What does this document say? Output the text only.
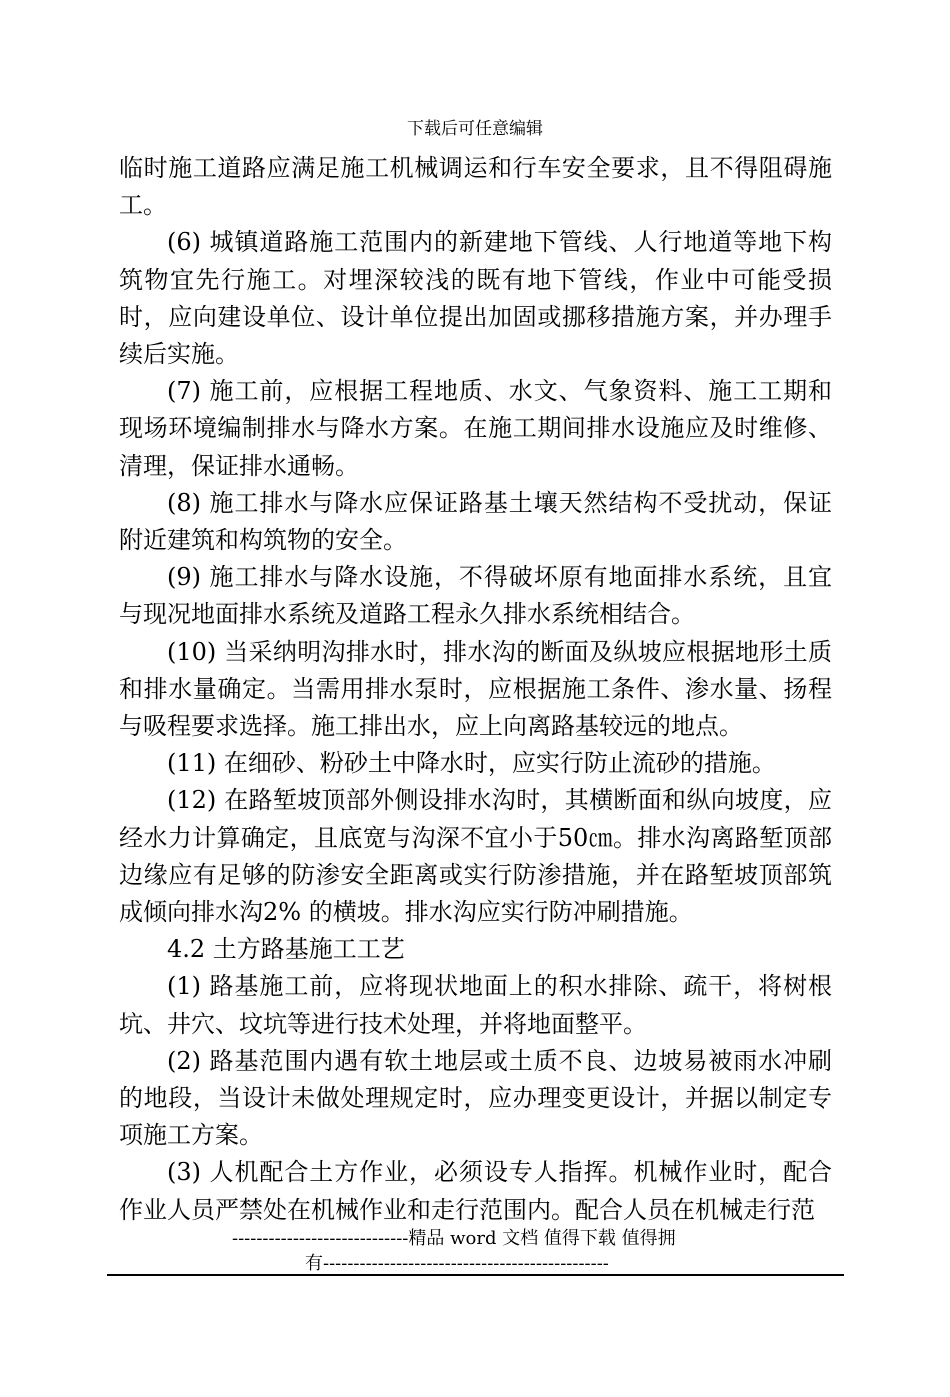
下载后可任意编辑

临时施工道路应满足施工机械调运和行车安全要求，且不得阻碍施工。

(6) 城镇道路施工范围内的新建地下管线、人行地道等地下构筑物宜先行施工。对埋深较浅的既有地下管线，作业中可能受损时，应向建设单位、设计单位提出加固或挪移措施方案，并办理手续后实施。

(7) 施工前，应根据工程地质、水文、气象资料、施工工期和现场环境编制排水与降水方案。在施工期间排水设施应及时维修、清理，保证排水通畅。

(8) 施工排水与降水应保证路基土壤天然结构不受扰动，保证附近建筑和构筑物的安全。

(9) 施工排水与降水设施，不得破坏原有地面排水系统，且宜与现况地面排水系统及道路工程永久排水系统相结合。

(10) 当采纳明沟排水时，排水沟的断面及纵坡应根据地形土质和排水量确定。当需用排水泵时，应根据施工条件、渗水量、扬程与吸程要求选择。施工排出水，应上向离路基较远的地点。

(11) 在细砂、粉砂土中降水时，应实行防止流砂的措施。

(12) 在路堑坡顶部外侧设排水沟时，其横断面和纵向坡度，应经水力计算确定，且底宽与沟深不宜小于50㎝。排水沟离路堑顶部边缘应有足够的防渗安全距离或实行防渗措施，并在路堑坡顶部筑成倾向排水沟2% 的横坡。排水沟应实行防冲刷措施。

4.2 土方路基施工工艺

(1) 路基施工前，应将现状地面上的积水排除、疏干，将树根坑、井穴、坟坑等进行技术处理，并将地面整平。

(2) 路基范围内遇有软土地层或土质不良、边坡易被雨水冲刷的地段，当设计未做处理规定时，应办理变更设计，并据以制定专项施工方案。

(3) 人机配合土方作业，必须设专人指挥。机械作业时，配合作业人员严禁处在机械作业和走行范围内。配合人员在机械走行范

-----------------------------精品 word 文档 值得下载 值得拥
有-----------------------------------------------
